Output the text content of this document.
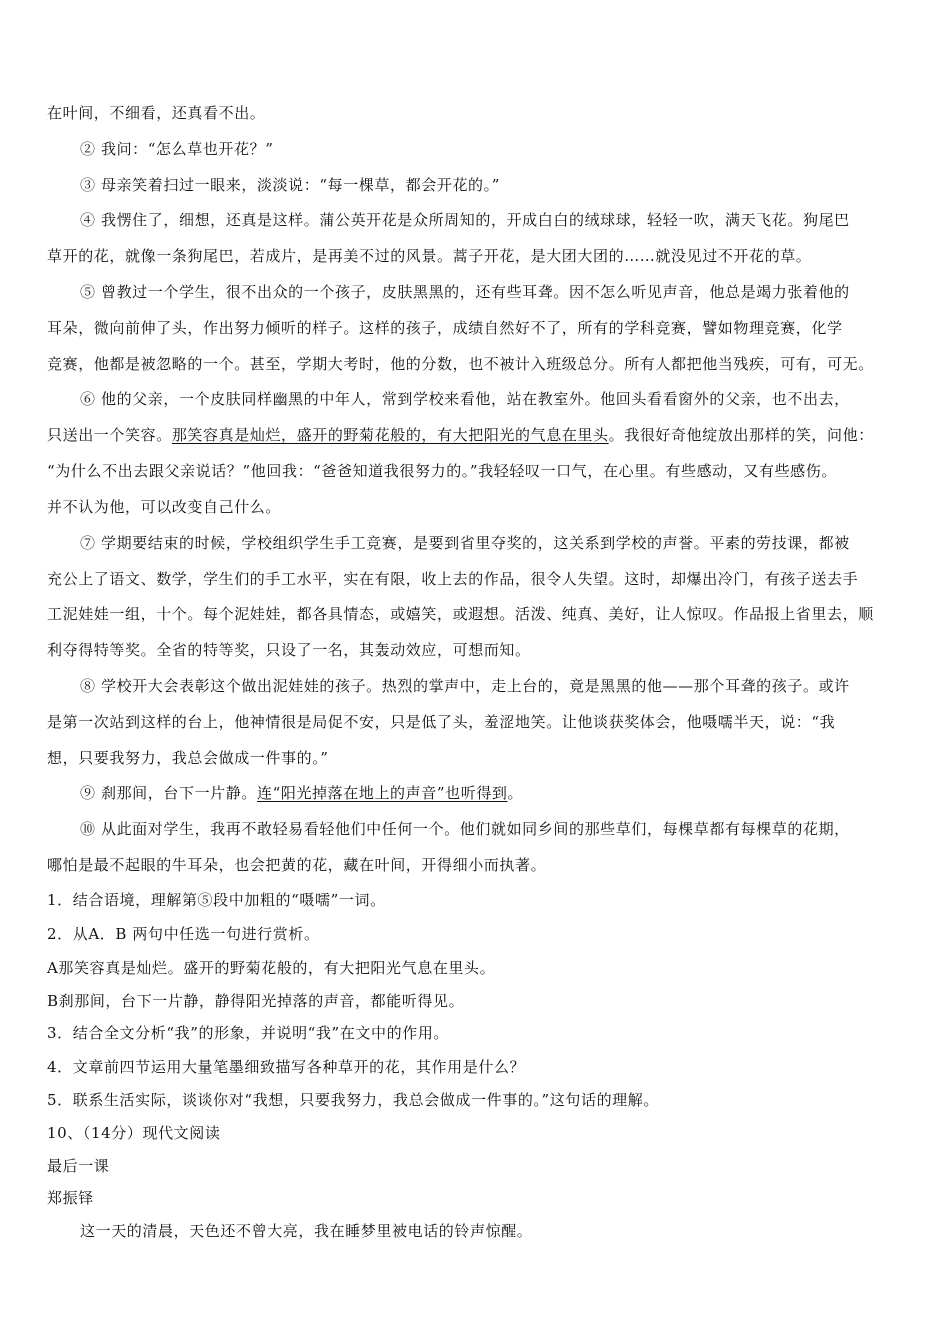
在叶间，不细看，还真看不出。
② 我问：“怎么草也开花？”
③ 母亲笑着扫过一眼来，淡淡说：“每一棵草，都会开花的。”
④ 我愣住了，细想，还真是这样。蒲公英开花是众所周知的，开成白白的绒球球，轻轻一吹，满天飞花。狗尾巴
草开的花，就像一条狗尾巴，若成片，是再美不过的风景。蒿子开花，是大团大团的……就没见过不开花的草。
⑤ 曾教过一个学生，很不出众的一个孩子，皮肤黑黑的，还有些耳聋。因不怎么听见声音，他总是竭力张着他的
耳朵，微向前伸了头，作出努力倾听的样子。这样的孩子，成绩自然好不了，所有的学科竞赛，譬如物理竞赛，化学
竞赛，他都是被忽略的一个。甚至，学期大考时，他的分数，也不被计入班级总分。所有人都把他当残疾，可有，可无。
⑥ 他的父亲，一个皮肤同样幽黑的中年人，常到学校来看他，站在教室外。他回头看看窗外的父亲，也不出去，
只送出一个笑容。那笑容真是灿烂，盛开的野菊花般的，有大把阳光的气息在里头。我很好奇他绽放出那样的笑，问他：
“为什么不出去跟父亲说话？”他回我：“爸爸知道我很努力的。”我轻轻叹一口气，在心里。有些感动，又有些感伤。
并不认为他，可以改变自己什么。
⑦ 学期要结束的时候，学校组织学生手工竞赛，是要到省里夺奖的，这关系到学校的声誉。平素的劳技课，都被
充公上了语文、数学，学生们的手工水平，实在有限，收上去的作品，很令人失望。这时，却爆出冷门，有孩子送去手
工泥娃娃一组，十个。每个泥娃娃，都各具情态，或嬉笑，或遐想。活泼、纯真、美好，让人惊叹。作品报上省里去，顺
利夺得特等奖。全省的特等奖，只设了一名，其轰动效应，可想而知。
⑧ 学校开大会表彰这个做出泥娃娃的孩子。热烈的掌声中，走上台的，竟是黑黑的他——那个耳聋的孩子。或许
是第一次站到这样的台上，他神情很是局促不安，只是低了头，羞涩地笑。让他谈获奖体会，他嗫嚅半天，说：“我
想，只要我努力，我总会做成一件事的。”
⑨ 刹那间，台下一片静。连“阳光掉落在地上的声音”也听得到。
⑩ 从此面对学生，我再不敢轻易看轻他们中任何一个。他们就如同乡间的那些草们，每棵草都有每棵草的花期，
哪怕是最不起眼的牛耳朵，也会把黄的花，藏在叶间，开得细小而执著。
1．结合语境，理解第⑤段中加粗的“嗫嚅”一词。
2．从A．B 两句中任选一句进行赏析。
A那笑容真是灿烂。盛开的野菊花般的，有大把阳光气息在里头。
B刹那间，台下一片静，静得阳光掉落的声音，都能听得见。
3．结合全文分析“我”的形象，并说明“我”在文中的作用。
4．文章前四节运用大量笔墨细致描写各种草开的花，其作用是什么？
5．联系生活实际，谈谈你对“我想，只要我努力，我总会做成一件事的。”这句话的理解。
10、（14分）现代文阅读
最后一课
郑振铎
这一天的清晨，天色还不曾大亮，我在睡梦里被电话的铃声惊醒。
